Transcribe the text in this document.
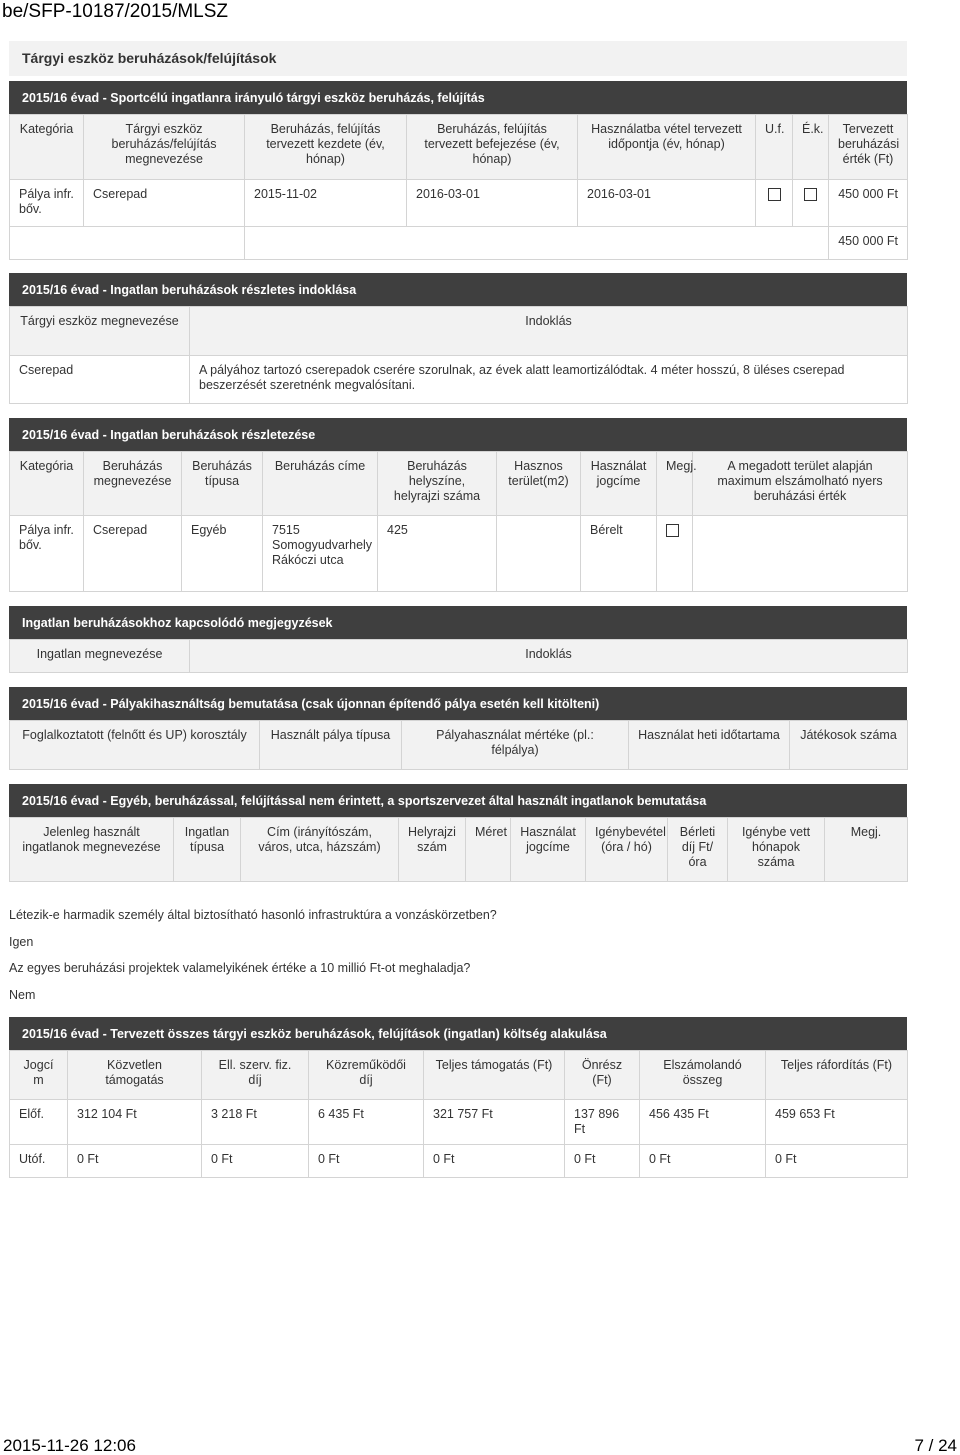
be/SFP-10187/2015/MLSZ
Tárgyi eszköz beruházások/felújítások
2015/16 évad - Sportcélú ingatlanra irányuló tárgyi eszköz beruházás, felújítás
Kategória	Tárgyi eszköz beruházás/felújítás megnevezése	Beruházás, felújítás tervezett kezdete (év, hónap)	Beruházás, felújítás tervezett befejezése (év, hónap)	Használatba vétel tervezett időpontja (év, hónap)	U.f.	É.k.	Tervezett beruházási érték (Ft)
Pálya infr. bőv.	Cserepad	2015-11-02	2016-03-01	2016-03-01			450 000 Ft
							450 000 Ft
2015/16 évad - Ingatlan beruházások részletes indoklása
Tárgyi eszköz megnevezése	Indoklás
Cserepad	A pályához tartozó cserepadok cserére szorulnak, az évek alatt leamortizálódtak. 4 méter hosszú, 8 üléses cserepad beszerzését szeretnénk megvalósítani.
2015/16 évad - Ingatlan beruházások részletezése
Kategória	Beruházás megnevezése	Beruházás típusa	Beruházás címe	Beruházás helyszíne, helyrajzi száma	Hasznos terület(m2)	Használat jogcíme	Megj.	A megadott terület alapján maximum elszámolható nyers beruházási érték
Pálya infr. bőv.	Cserepad	Egyéb	7515 Somogyudvarhely Rákóczi utca	425		Bérelt		
Ingatlan beruházásokhoz kapcsolódó megjegyzések
Ingatlan megnevezése	Indoklás
2015/16 évad - Pályakihasználtság bemutatása (csak újonnan építendő pálya esetén kell kitölteni)
Foglalkoztatott (felnőtt és UP) korosztály	Használt pálya típusa	Pályahasználat mértéke (pl.: félpálya)	Használat heti időtartama	Játékosok száma
2015/16 évad - Egyéb, beruházással, felújítással nem érintett, a sportszervezet által használt ingatlanok bemutatása
Jelenleg használt ingatlanok megnevezése	Ingatlan típusa	Cím (irányítószám, város, utca, házszám)	Helyrajzi szám	Méret	Használat jogcíme	Igénybevétel (óra / hó)	Bérleti díj Ft/óra	Igénybe vett hónapok száma	Megj.
Létezik-e harmadik személy által biztosítható hasonló infrastruktúra a vonzáskörzetben?
Igen
Az egyes beruházási projektek valamelyikének értéke a 10 millió Ft-ot meghaladja?
Nem
2015/16 évad - Tervezett összes tárgyi eszköz beruházások, felújítások (ingatlan) költség alakulása
Jogcí m	Közvetlen támogatás	Ell. szerv. fiz. díj	Közreműködői díj	Teljes támogatás (Ft)	Önrész (Ft)	Elszámolandó összeg	Teljes ráfordítás (Ft)
Előf.	312 104 Ft	3 218 Ft	6 435 Ft	321 757 Ft	137 896 Ft	456 435 Ft	459 653 Ft
Utóf.	0 Ft	0 Ft	0 Ft	0 Ft	0 Ft	0 Ft	0 Ft
2015-11-26 12:06	7 / 24
